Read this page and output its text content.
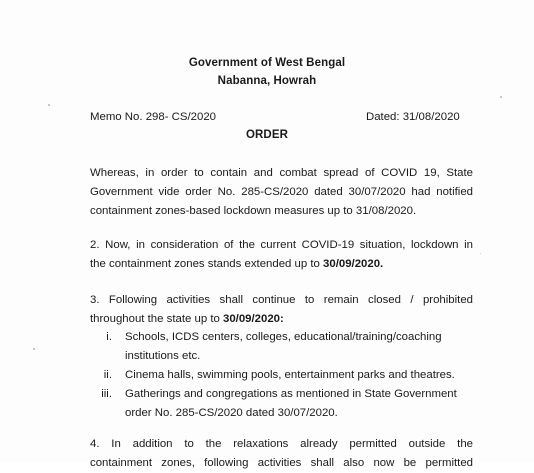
Government of West Bengal
Nabanna, Howrah
Memo No. 298- CS/2020	Dated: 31/08/2020
ORDER
Whereas, in order to contain and combat spread of COVID 19, State
Government vide order No. 285-CS/2020 dated 30/07/2020 had notified
containment zones-based lockdown measures up to 31/08/2020.
2. Now, in consideration of the current COVID-19 situation, lockdown in
the containment zones stands extended up to 30/09/2020.
3. Following activities shall continue to remain closed / prohibited
throughout the state up to 30/09/2020:
i. Schools, ICDS centers, colleges, educational/training/coaching
institutions etc.
ii. Cinema halls, swimming pools, entertainment parks and theatres.
iii. Gatherings and congregations as mentioned in State Government
order No. 285-CS/2020 dated 30/07/2020.
4. In addition to the relaxations already permitted outside the
containment zones, following activities shall also now be permitted
